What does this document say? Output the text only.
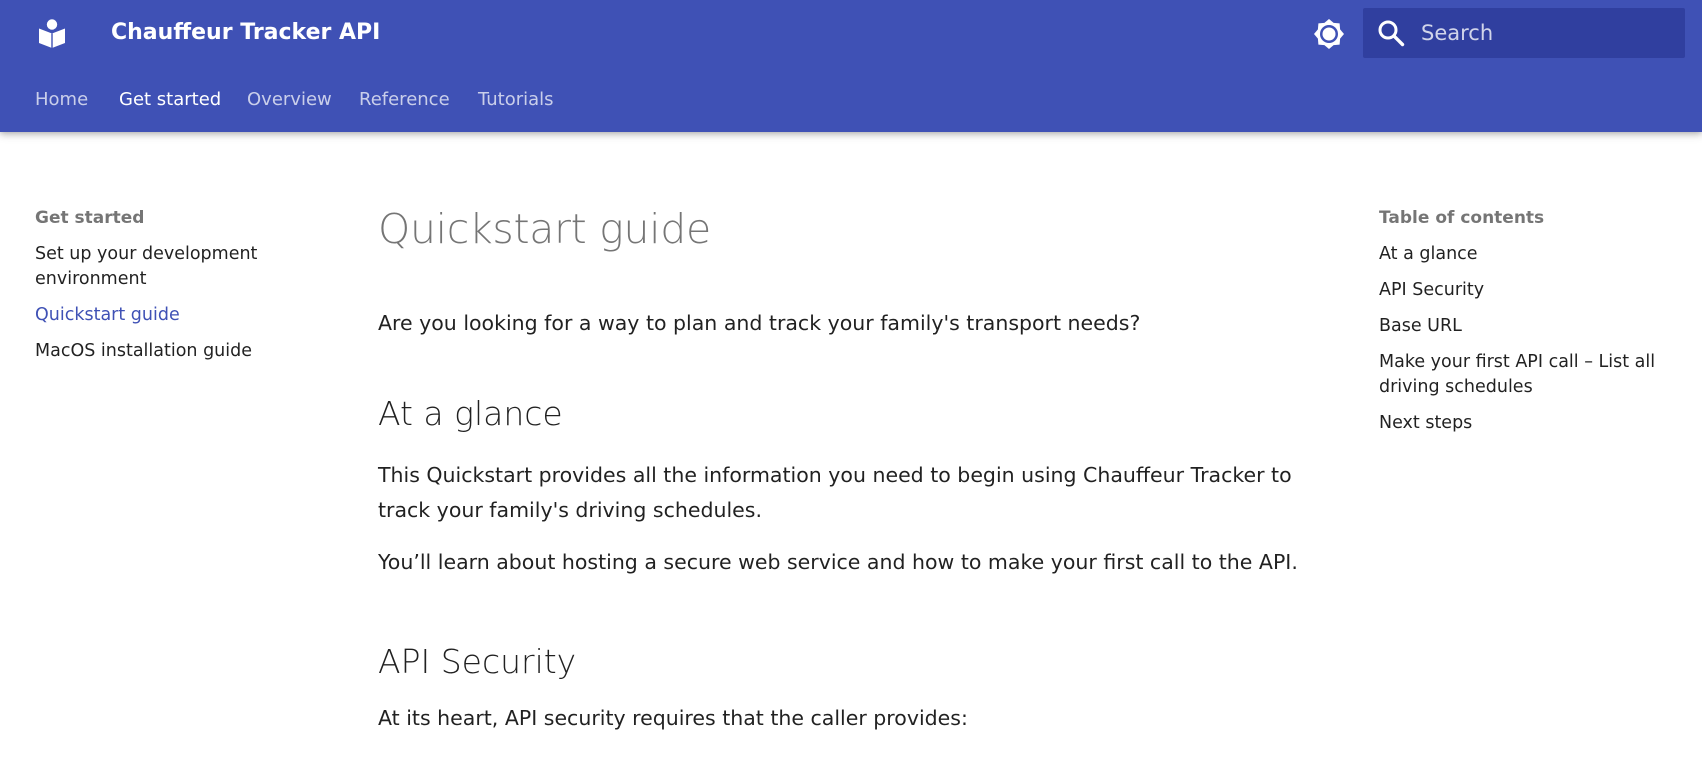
Chauffeur Tracker API
Search
Home Get started Overview Reference Tutorials
Get started
Set up your development environment
Quickstart guide
MacOS installation guide
Quickstart guide
Are you looking for a way to plan and track your family's transport needs?
At a glance
This Quickstart provides all the information you need to begin using Chauffeur Tracker to track your family's driving schedules.
You’ll learn about hosting a secure web service and how to make your first call to the API.
API Security
At its heart, API security requires that the caller provides:
Table of contents
At a glance
API Security
Base URL
Make your first API call – List all driving schedules
Next steps
